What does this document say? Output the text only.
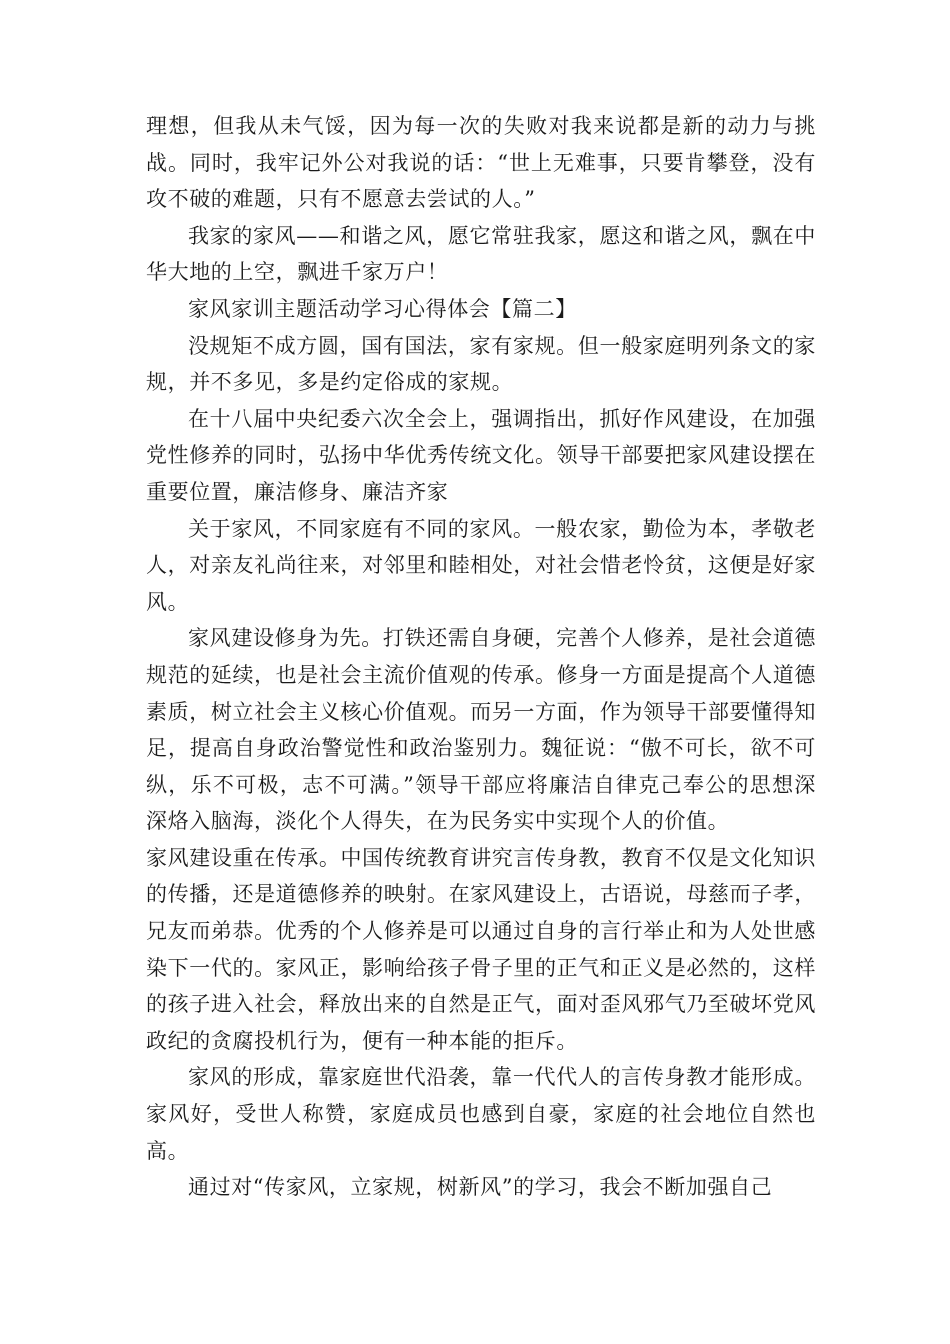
理想，但我从未气馁，因为每一次的失败对我来说都是新的动力与挑战。同时，我牢记外公对我说的话：“世上无难事，只要肯攀登，没有攻不破的难题，只有不愿意去尝试的人。”

我家的家风——和谐之风，愿它常驻我家，愿这和谐之风，飘在中华大地的上空，飘进千家万户！

家风家训主题活动学习心得体会【篇二】

没规矩不成方圆，国有国法，家有家规。但一般家庭明列条文的家规，并不多见，多是约定俗成的家规。

在十八届中央纪委六次全会上，强调指出，抓好作风建设，在加强党性修养的同时，弘扬中华优秀传统文化。领导干部要把家风建设摆在重要位置，廉洁修身、廉洁齐家

关于家风，不同家庭有不同的家风。一般农家，勤俭为本，孝敬老人，对亲友礼尚往来，对邻里和睦相处，对社会惜老怜贫，这便是好家风。

家风建设修身为先。打铁还需自身硬，完善个人修养，是社会道德规范的延续，也是社会主流价值观的传承。修身一方面是提高个人道德素质，树立社会主义核心价值观。而另一方面，作为领导干部要懂得知足，提高自身政治警觉性和政治鉴别力。魏征说：“傲不可长，欲不可纵，乐不可极，志不可满。”领导干部应将廉洁自律克己奉公的思想深深烙入脑海，淡化个人得失，在为民务实中实现个人的价值。

家风建设重在传承。中国传统教育讲究言传身教，教育不仅是文化知识的传播，还是道德修养的映射。在家风建设上，古语说，母慈而子孝，兄友而弟恭。优秀的个人修养是可以通过自身的言行举止和为人处世感染下一代的。家风正，影响给孩子骨子里的正气和正义是必然的，这样的孩子进入社会，释放出来的自然是正气，面对歪风邪气乃至破坏党风政纪的贪腐投机行为，便有一种本能的拒斥。

家风的形成，靠家庭世代沿袭，靠一代代人的言传身教才能形成。家风好，受世人称赞，家庭成员也感到自豪，家庭的社会地位自然也高。

通过对“传家风，立家规，树新风”的学习，我会不断加强自己
